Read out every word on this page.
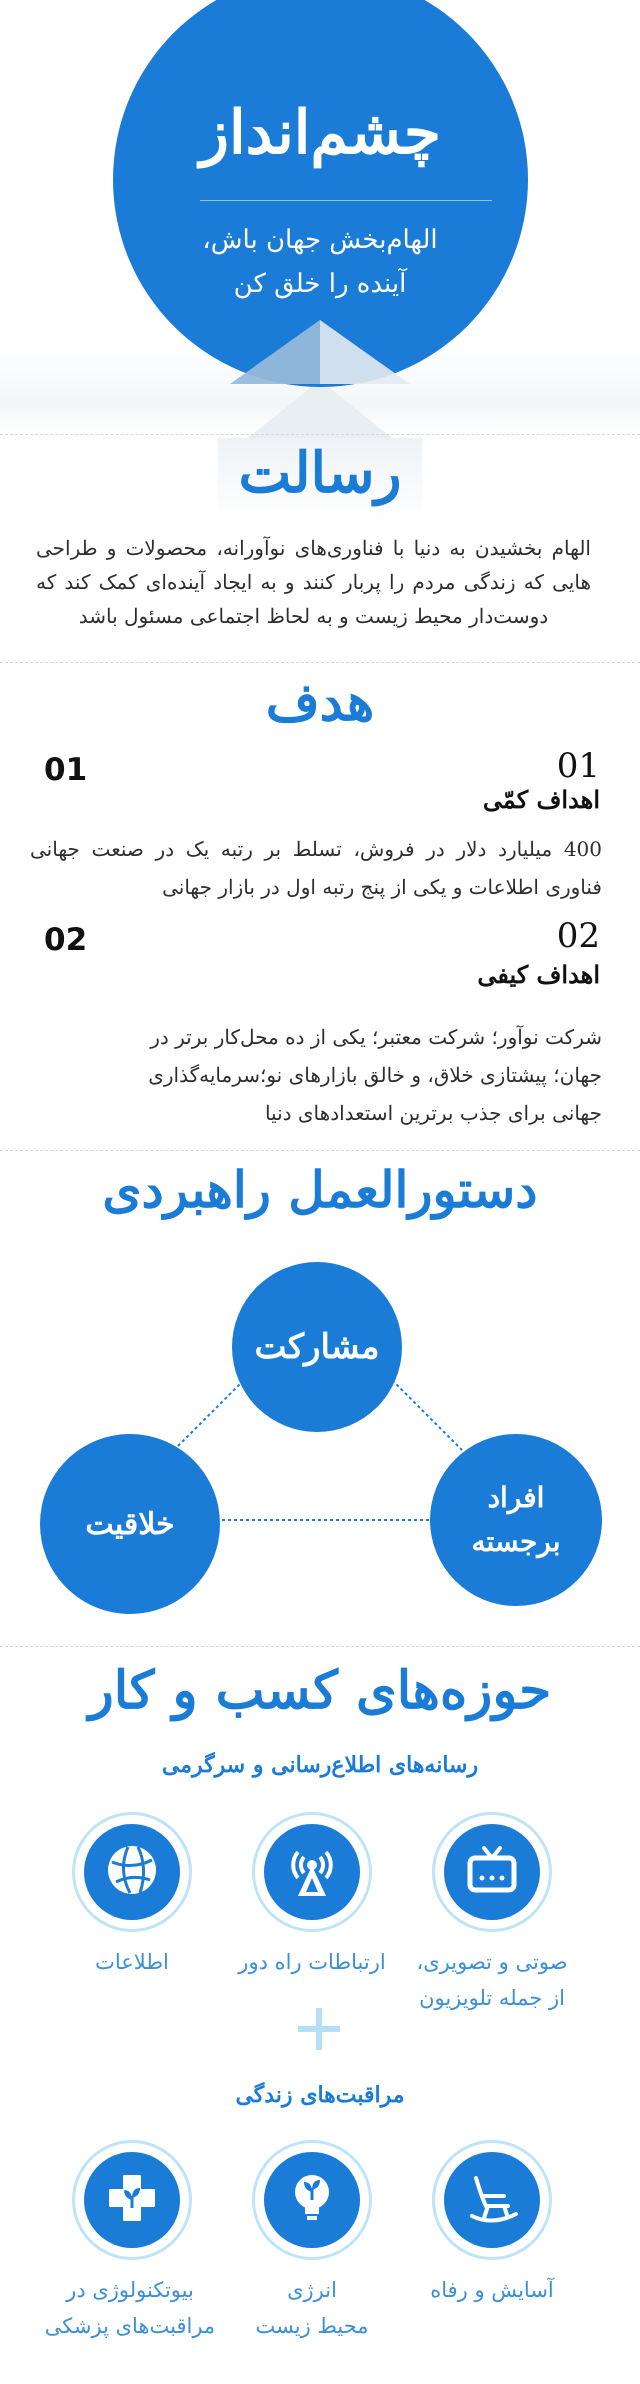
چشم‌انداز
الهام‌بخش جهان باش،
آینده را خلق کن
رسالت
الهام بخشیدن به دنیا با فناوری‌های نوآورانه، محصولات و طراحی هایی که زندگی مردم را پربار کنند و به ایجاد آینده‌ای کمک کند که دوست‌دار محیط زیست و به لحاظ اجتماعی مسئول باشد
هدف
01
01
اهداف کمّی
400 میلیارد دلار در فروش، تسلط بر رتبه یک در صنعت جهانی فناوری اطلاعات و یکی از پنج رتبه اول در بازار جهانی
02
02
اهداف کیفی
شرکت نوآور؛ شرکت معتبر؛ یکی از ده محل‌کار برتر در
جهان؛ پیشتازی خلاق، و خالق بازارهای نو؛سرمایه‌گذاری
جهانی برای جذب برترین استعدادهای دنیا
دستورالعمل راهبردی
مشارکت
خلاقیت
افراد
برجسته
حوزه‌های کسب و کار
رسانه‌های اطلاع‌رسانی و سرگرمی
صوتی و تصویری،
از جمله تلویزیون
ارتباطات راه دور
اطلاعات
مراقبت‌های زندگی
آسایش و رفاه
انرژی
محیط زیست
بیوتکنولوژی در
مراقبت‌های پزشکی
